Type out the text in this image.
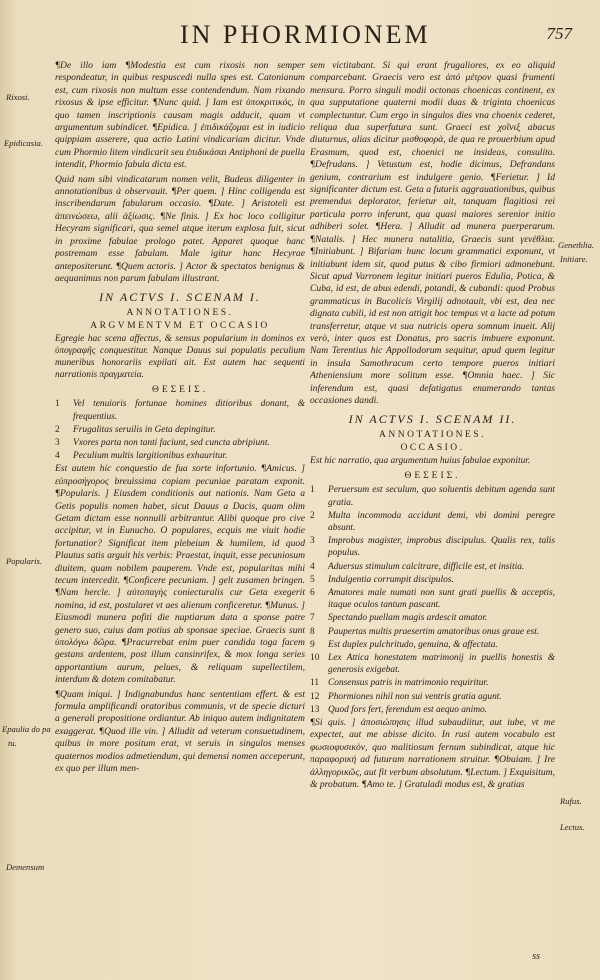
IN PHORMIONEM	757

¶De illo iam ¶Modestia est cum rixosis non semper respondeatur, in quibus respuscedi nulla spes est. Catonianum est, cum rixosis non multum esse contendendum. Nam rixando rixosus & ipse efficitur. ¶Nunc quid. ] Iam est ὑποκριτικός, in quo tamen inscriptionis causam magis adducit, quam vt argumentum subindicet. ¶Epidica. ] ἐπιδικάζομαι est in iudicio quippiam asserere, qua actio Latini vindicariam dicitur. Vnde cum Phormio litem vindicarit seu ἐπιδικάσαι Antiphoni de puella intendit, Phormio fabula dicta est.

Quid nam sibi vindicatarum nomen velit, Budeus diligenter in annotationibus ἀ observauit. ¶Per quem. ] Hinc colligenda est inscribendarum fabularum occasio. ¶Date. ] Aristoteli est ἀπεινώσεω, alii ἀξίωσις. ¶Ne finis. ] Ex hoc loco colligitur Hecyram significari, qua semel atque iterum explosa fuit, sicut in proxime fabulae prologo patet. Apparet quoque hanc postremam esse fabulam. Male igitur hanc Hecyrae antepositerunt. ¶Quem actoris. ] Actor & spectatos benignus & aequanimus non parum fabulam illustrant.

IN ACTVS I. SCENAM I.
ANNOTATIONES.
ARGVMENTVM ET OCCASIO

Egregie hac scena affectus, & sensus popularium in dominos ex ὑπογραφῆς conquestitur. Nanque Dauus sui populatis peculium muneribus honorariis expilati ait. Est autem hac sequenti narrationis πραγματεία.

ΘΕΣΕΙΣ.
1 Vel tenuioris fortunae homines ditioribus donant, & frequentius.
2 Frugalitas seruilis in Geta depingitur.
3 Vxores parta non tanti faciunt, sed cuncta abripiunt.
4 Peculium multis largitionibus exhauritur.

Est autem hic conquestio de fua sorte infortunio. ¶Amicus. ] εὐπροσήγορος breuissima copiam pecuniae paratam exponit. ¶Popularis. ] Eiusdem conditionis aut nationis. Nam Geta a Getis populis nomen habet, sicut Dauus a Dacis, quam olim Getam dictam esse nonnulli arbitrantur. Alibi quoque pro cive accipitur, vt in Eunucho. O populares, ecquis me viuit hodie fortunatior? Significat item plebeium & humilem, id quod Plautus satis arguit his verbis: Praestat, inquit, esse pecuniosum diuitem, quam nobilem pauperem. Vnde est, popularitas mihi tecum intercedit. ¶Conficere pecuniam. ] gelt zusamen bringen. ¶Nam hercle. ] αὐτοπαγὴς coniecturalis cur Geta exegerit nomina, id est, postularet vt aes alienum conficeretur. ¶Munus. ] Eiusmodi munera pofiti die nuptiarum data a sponse patre genero suo, cuius dam potius ab sponsae speciae. Graecis sunt ὑπολόγω δῶρα. ¶Pracurrebat enim puer candida toga facem gestans ardentem, post illum cansinrifex, & mox longa series apportantium aurum, pelues, & reliquam supellectilem, interdum & dotem comitabatur.

¶Quam iniqui. ] Indignabundus hanc sententiam effert. & est formula amplificandi oratoribus communis, vt de specie dicturi a generali propositione ordiantur. Ab iniquo autem indignitatem exaggerat. ¶Quod ille vin. ] Alludit ad veterum consuetudinem, quibus in more positum erat, vt seruis in singulos menses quaternos modios admetiendum, qui demensi nomen acceperunt, ex quo per illum men-

Rixosi.
Epidicasia.
Popularis.
Epaulia do pa
tu.
Demensum

sem victitabant. Si qui erant frugaliores, ex eo aliquid comparcebant. Graecis vero est ἀπό μέτρον quasi frumenti mensura. Porro singuli modii octonas choenicas continent, ex qua supputatione quaterni modii duas & triginta choenicas complectuntur. Cum ergo in singulos dies vna choenix cederet, reliqua dua superfutura sunt. Graeci est χοῖνιξ abacus diuturnus, alias dicitur μισθοφορὰ, de qua re prouerbium apud Erasmum, quod est, choenici ne insideas, consulito. ¶Defrudans. ] Vetustum est, hodie dicimus, Defrandans genium, contrarium est indulgere genio. ¶Ferietur. ] Id significanter dictum est. Geta a futuris aggrauationibus, quibus premendus deplorator, ferietur ait, tanquam flagitiosi rei particula porro inferunt, qua quasi maiores serenior initio adhiberi solet. ¶Hera. ] Alludit ad munera puerperarum. ¶Natalis. ] Hec munera natalitia, Graecis sunt γενέθλια. ¶Initiabunt. ] Bifariam hunc locum grammatici exponunt, vt initiabunt idem sit, quod putus & cibo firmiori admonebunt. Sicut apud Varronem legitur initiari pueros Edulia, Potica, & Cuba, id est, de abus edendi, potandi, & cubandi: quod Probus grammaticus in Bucolicis Virgilij adnotauit, vbi est, dea nec dignata cubili, id est non attigit hoc tempus vt a lacte ad potum transferretur, atque vt sua nutricis opera somnum inueit. Alij verò, inter quos est Donatus, pro sacris imbuere exponunt. Nam Terentius hic Appollodorum sequitur, apud quem legitur in insula Samothracum certo tempore pueros initiari Atheniensium more solitum esse. ¶Omnia haec. ] Sic inferendum est, quasi defatigatus enumerando tantas occasiones dandi.

IN ACTVS I. SCENAM II.
ANNOTATIONES.
OCCASIO.

Est hic narratio, qua argumentum huius fabulae exponitur.

ΘΕΣΕΙΣ.
1 Peruersum est seculum, quo soluentis debitum agenda sunt gratia.
2 Multa incommoda accidunt demi, vbi domini peregre absunt.
3 Improbus magister, improbus discipulus. Qualis rex, talis populus.
4 Aduersus stimulum calcitrare, difficile est, et insitia.
5 Indulgentia corrumpit discipulos.
6 Amatores male numati non sunt grati puellis & acceptis, itaque oculos tantum pascant.
7 Spectando puellam magis ardescit amator.
8 Paupertas multis praesertim amatoribus onus graue est.
9 Est duplex pulchritudo, genuina, & affectata.
10 Lex Attica honestatem matrimonij in puellis honestis & generosis exigebat.
11 Consensus patris in matrimonio requiritur.
12 Phormiones nihil non sui ventris gratia agunt.
13 Quod fors fert, ferendum est aequo animo.

¶Si quis. ] ἀποσιώπησις illud subaudiitur, aut iube, vt me expectet, aut me abisse dicito. In rusi autem vocabulo est φωσιοφυσικὸν, quo malitiosum fernum subindicat, atque hic παραφορική ad futuram narrationem struitur. ¶Obuiam. ] Ire ἀλληγορικῶς, aut fit verbum absolutum. ¶Lectum. ] Exquisitum, & probatum. ¶Amo te. ] Gratuladi modus est, & gratias

Genethlia.
Initiare.
Rufus.
Lectus.
ss
